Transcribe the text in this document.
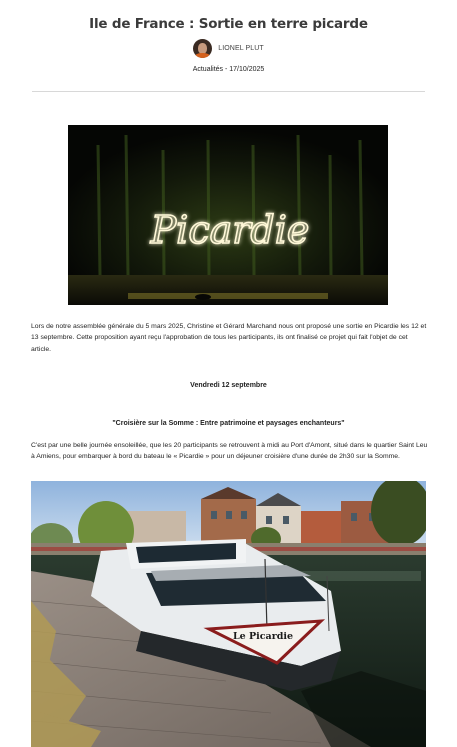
Ile de France : Sortie en terre picarde
LIONEL PLUT
Actualités - 17/10/2025
Picardie

Lors de notre assemblée générale du 5 mars 2025, Christine et Gérard Marchand nous ont proposé une sortie en Picardie les 12 et 13 septembre. Cette proposition ayant reçu l'approbation de tous les participants, ils ont finalisé ce projet qui fait l'objet de cet article.

Vendredi 12 septembre
"Croisière sur la Somme : Entre patrimoine et paysages enchanteurs"

C'est par une belle journée ensoleillée, que les 20 participants se retrouvent à midi au Port d'Amont, situé dans le quartier Saint Leu à Amiens, pour embarquer à bord du bateau le « Picardie » pour un déjeuner croisière d'une durée de 2h30 sur la Somme.

Le Picardie
